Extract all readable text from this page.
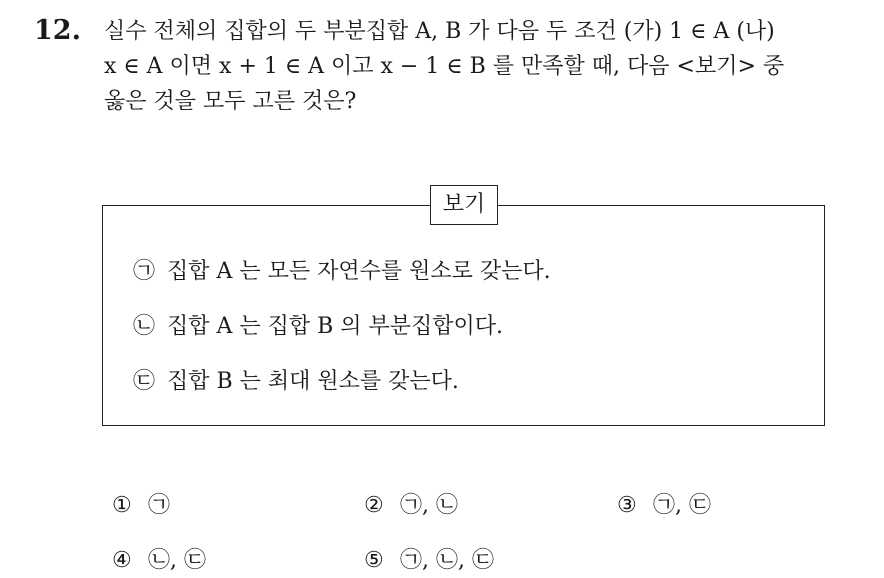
12. 실수 전체의 집합의 두 부분집합 A, B 가 다음 두 조건 (가) 1 ∈ A (나)
x ∈ A 이면 x + 1 ∈ A 이고 x − 1 ∈ B 를 만족할 때, 다음 <보기> 중
옳은 것을 모두 고른 것은?
보기
㉠ 집합 A 는 모든 자연수를 원소로 갖는다.
㉡ 집합 A 는 집합 B 의 부분집합이다.
㉢ 집합 B 는 최대 원소를 갖는다.
① ㉠	② ㉠, ㉡	③ ㉠, ㉢
④ ㉡, ㉢	⑤ ㉠, ㉡, ㉢
